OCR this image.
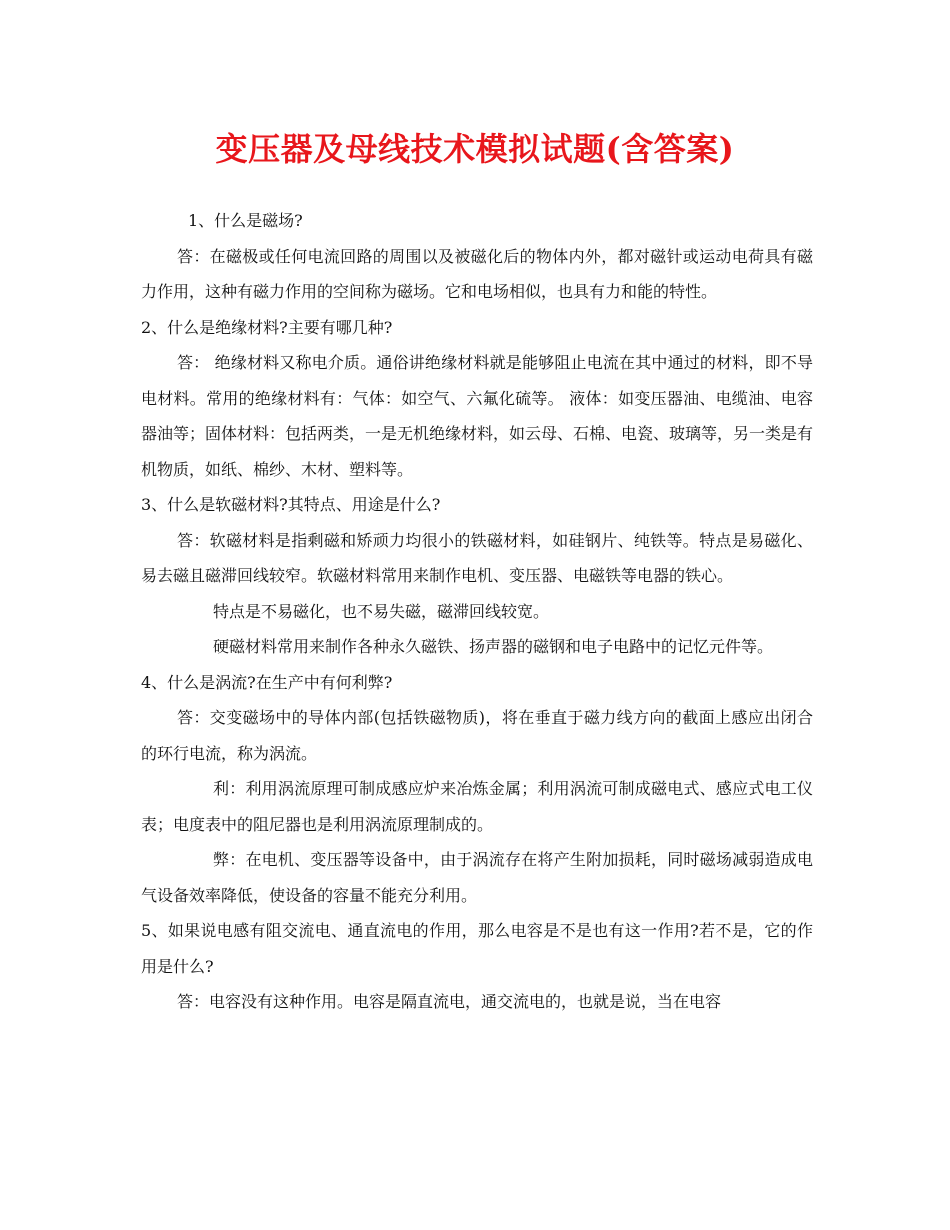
变压器及母线技术模拟试题(含答案)

1、什么是磁场?

答：在磁极或任何电流回路的周围以及被磁化后的物体内外，都对磁针或运动电荷具有磁力作用，这种有磁力作用的空间称为磁场。它和电场相似，也具有力和能的特性。

2、什么是绝缘材料?主要有哪几种?

答： 绝缘材料又称电介质。通俗讲绝缘材料就是能够阻止电流在其中通过的材料，即不导电材料。常用的绝缘材料有：气体：如空气、六氟化硫等。 液体：如变压器油、电缆油、电容器油等；固体材料：包括两类，一是无机绝缘材料，如云母、石棉、电瓷、玻璃等，另一类是有机物质，如纸、棉纱、木材、塑料等。

3、什么是软磁材料?其特点、用途是什么?

答：软磁材料是指剩磁和矫顽力均很小的铁磁材料，如硅钢片、纯铁等。特点是易磁化、易去磁且磁滞回线较窄。软磁材料常用来制作电机、变压器、电磁铁等电器的铁心。

特点是不易磁化，也不易失磁，磁滞回线较宽。

硬磁材料常用来制作各种永久磁铁、扬声器的磁钢和电子电路中的记忆元件等。

4、什么是涡流?在生产中有何利弊?

答：交变磁场中的导体内部(包括铁磁物质)，将在垂直于磁力线方向的截面上感应出闭合的环行电流，称为涡流。

利：利用涡流原理可制成感应炉来冶炼金属；利用涡流可制成磁电式、感应式电工仪表；电度表中的阻尼器也是利用涡流原理制成的。

弊：在电机、变压器等设备中，由于涡流存在将产生附加损耗，同时磁场减弱造成电气设备效率降低，使设备的容量不能充分利用。

5、如果说电感有阻交流电、通直流电的作用，那么电容是不是也有这一作用?若不是，它的作用是什么?

答：电容没有这种作用。电容是隔直流电，通交流电的，也就是说，当在电容
